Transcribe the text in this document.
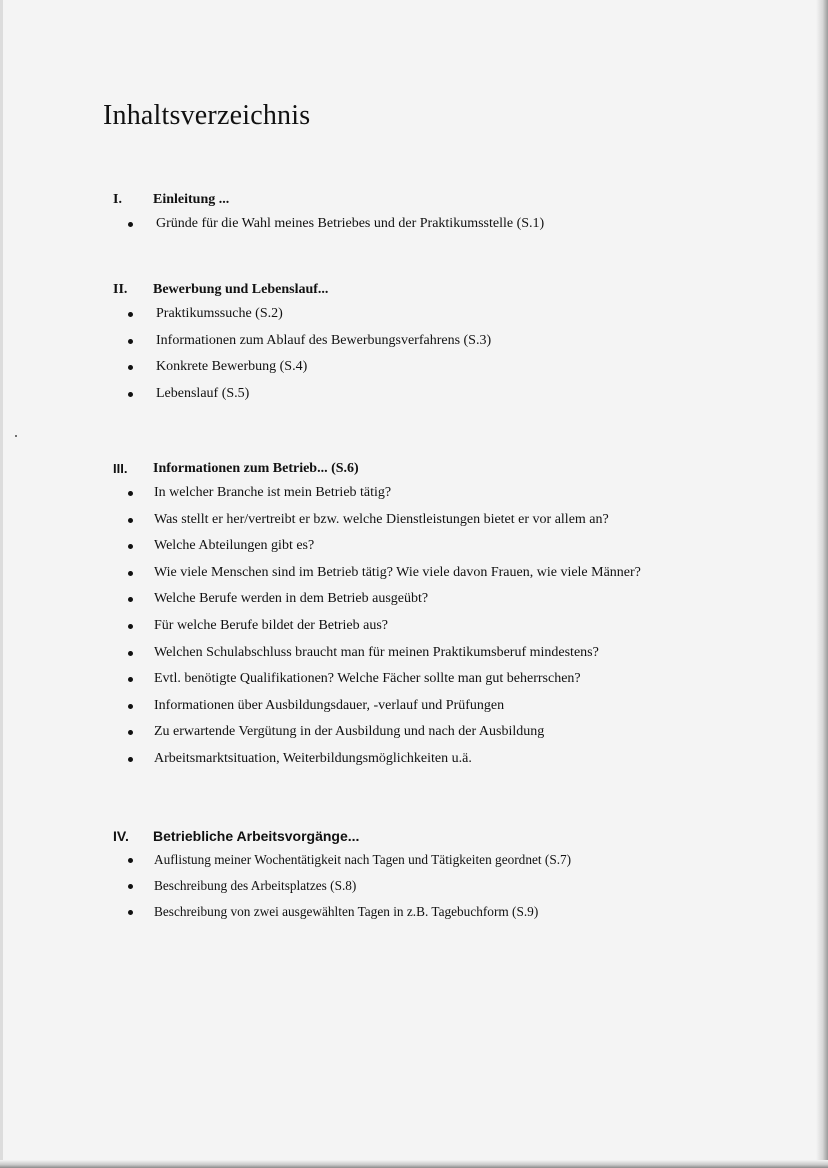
Inhaltsverzeichnis
I. Einleitung ...
Gründe für die Wahl meines Betriebes und der Praktikumsstelle (S.1)
II. Bewerbung und Lebenslauf...
Praktikumssuche (S.2)
Informationen zum Ablauf des Bewerbungsverfahrens (S.3)
Konkrete Bewerbung (S.4)
Lebenslauf (S.5)
III. Informationen zum Betrieb... (S.6)
In welcher Branche ist mein Betrieb tätig?
Was stellt er her/vertreibt er bzw. welche Dienstleistungen bietet er vor allem an?
Welche Abteilungen gibt es?
Wie viele Menschen sind im Betrieb tätig? Wie viele davon Frauen, wie viele Männer?
Welche Berufe werden in dem Betrieb ausgeübt?
Für welche Berufe bildet der Betrieb aus?
Welchen Schulabschluss braucht man für meinen Praktikumsberuf mindestens?
Evtl. benötigte Qualifikationen? Welche Fächer sollte man gut beherrschen?
Informationen über Ausbildungsdauer, -verlauf und Prüfungen
Zu erwartende Vergütung in der Ausbildung und nach der Ausbildung
Arbeitsmarktsituation, Weiterbildungsmöglichkeiten u.ä.
IV. Betriebliche Arbeitsvorgänge...
Auflistung meiner Wochentätigkeit nach Tagen und Tätigkeiten geordnet (S.7)
Beschreibung des Arbeitsplatzes (S.8)
Beschreibung von zwei ausgewählten Tagen in z.B. Tagebuchform (S.9)
